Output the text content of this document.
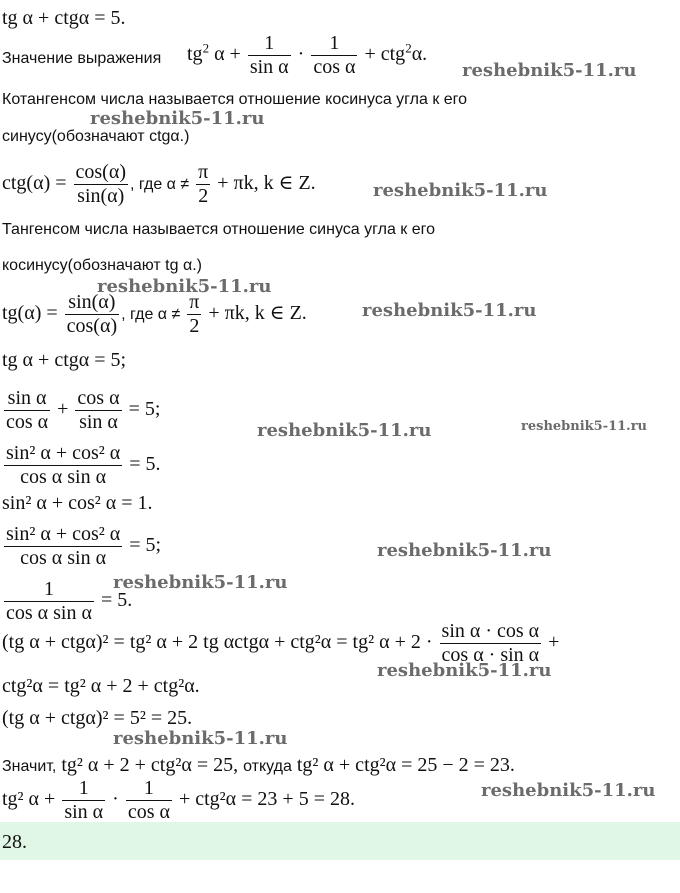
tg α + ctgα = 5.
Значение выражения $tg^2$ $\alpha + \frac{1}{\text{sin α}} \cdot \frac{1}{\text{cos α}} + ctg^2\alpha$.
Котангенсом числа называется отношение косинуса угла к его
синусу(обозначают ctgα.)
$ctg(\alpha) = \frac{\cos(\alpha)}{\sin(\alpha)}$ , где $\alpha \ne \frac{\pi}{2} + \pi k$, k ∈ Z.
Тангенсом числа называется отношение синуса угла к его
косинусу(обозначают tg α.)
$tg(\alpha) = \frac{\sin(\alpha)}{\cos(\alpha)}$ , где $\alpha \ne \frac{\pi}{2} + \pi k$, k ∈ Z.
tg α + ctgα = 5;
$\frac{\text{sin α}}{\text{cos α}} + \frac{\text{cos α}}{\text{sin α}} = 5$;
$\frac{\text{sin² α + cos² α}}{\text{cos α sin α}} = 5$.
sin² α + cos² α = 1.
$\frac{\text{sin² α + cos² α}}{\text{cos α sin α}} = 5$;
$\frac{1}{\text{cos α sin α}} = 5$.
(tg α + ctgα)² = tg² α + 2 tg αctgα + ctg²α = tg² $\alpha + 2 \cdot \frac{\text{sin α · cos α}}{\text{cos α · sin α}}$ +
ctg²α = tg² α + 2 + ctg²α.
(tg α + ctgα)² = 5² = 25.
Значит, tg² α + 2 + ctg²α = 25, откуда tg² α + ctg²α = 25 − 2 = 23.
tg² $\alpha + \frac{1}{\text{sin α}} \cdot \frac{1}{\text{cos α}} + ctg^2\alpha = 23 + 5 = 28$.
28.
reshebnik5-11.ru
reshebnik5-11.ru
reshebnik5-11.ru
reshebnik5-11.ru
reshebnik5-11.ru
reshebnik5-11.ru	reshebnik5-11.ru
reshebnik5-11.ru
reshebnik5-11.ru
reshebnik5-11.ru
reshebnik5-11.ru
reshebnik5-11.ru
